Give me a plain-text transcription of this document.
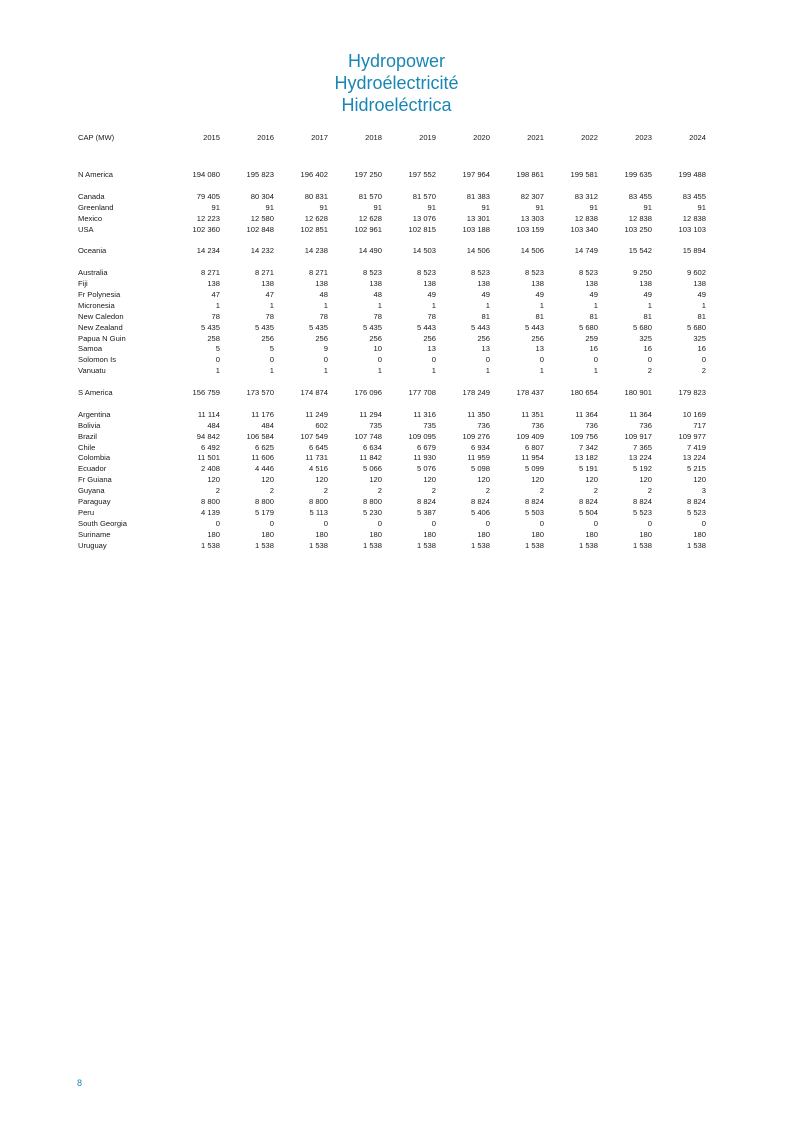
Hydropower
Hydroélectricité
Hidroeléctrica
CAP (MW)	2015	2016	2017	2018	2019	2020	2021	2022	2023	2024

N America	194 080	195 823	196 402	197 250	197 552	197 964	198 861	199 581	199 635	199 488

Canada	79 405	80 304	80 831	81 570	81 570	81 383	82 307	83 312	83 455	83 455
Greenland	91	91	91	91	91	91	91	91	91	91
Mexico	12 223	12 580	12 628	12 628	13 076	13 301	13 303	12 838	12 838	12 838
USA	102 360	102 848	102 851	102 961	102 815	103 188	103 159	103 340	103 250	103 103

Oceania	14 234	14 232	14 238	14 490	14 503	14 506	14 506	14 749	15 542	15 894

Australia	8 271	8 271	8 271	8 523	8 523	8 523	8 523	8 523	9 250	9 602
Fiji	138	138	138	138	138	138	138	138	138	138
Fr Polynesia	47	47	48	48	49	49	49	49	49	49
Micronesia	1	1	1	1	1	1	1	1	1	1
New Caledon	78	78	78	78	78	81	81	81	81	81
New Zealand	5 435	5 435	5 435	5 435	5 443	5 443	5 443	5 680	5 680	5 680
Papua N Guin	258	256	256	256	256	256	256	259	325	325
Samoa	5	5	9	10	13	13	13	16	16	16
Solomon Is	0	0	0	0	0	0	0	0	0	0
Vanuatu	1	1	1	1	1	1	1	1	2	2

S America	156 759	173 570	174 874	176 096	177 708	178 249	178 437	180 654	180 901	179 823

Argentina	11 114	11 176	11 249	11 294	11 316	11 350	11 351	11 364	11 364	10 169
Bolivia	484	484	602	735	735	736	736	736	736	717
Brazil	94 842	106 584	107 549	107 748	109 095	109 276	109 409	109 756	109 917	109 977
Chile	6 492	6 625	6 645	6 634	6 679	6 934	6 807	7 342	7 365	7 419
Colombia	11 501	11 606	11 731	11 842	11 930	11 959	11 954	13 182	13 224	13 224
Ecuador	2 408	4 446	4 516	5 066	5 076	5 098	5 099	5 191	5 192	5 215
Fr Guiana	120	120	120	120	120	120	120	120	120	120
Guyana	2	2	2	2	2	2	2	2	2	3
Paraguay	8 800	8 800	8 800	8 800	8 824	8 824	8 824	8 824	8 824	8 824
Peru	4 139	5 179	5 113	5 230	5 387	5 406	5 503	5 504	5 523	5 523
South Georgia	0	0	0	0	0	0	0	0	0	0
Suriname	180	180	180	180	180	180	180	180	180	180
Uruguay	1 538	1 538	1 538	1 538	1 538	1 538	1 538	1 538	1 538	1 538
8
